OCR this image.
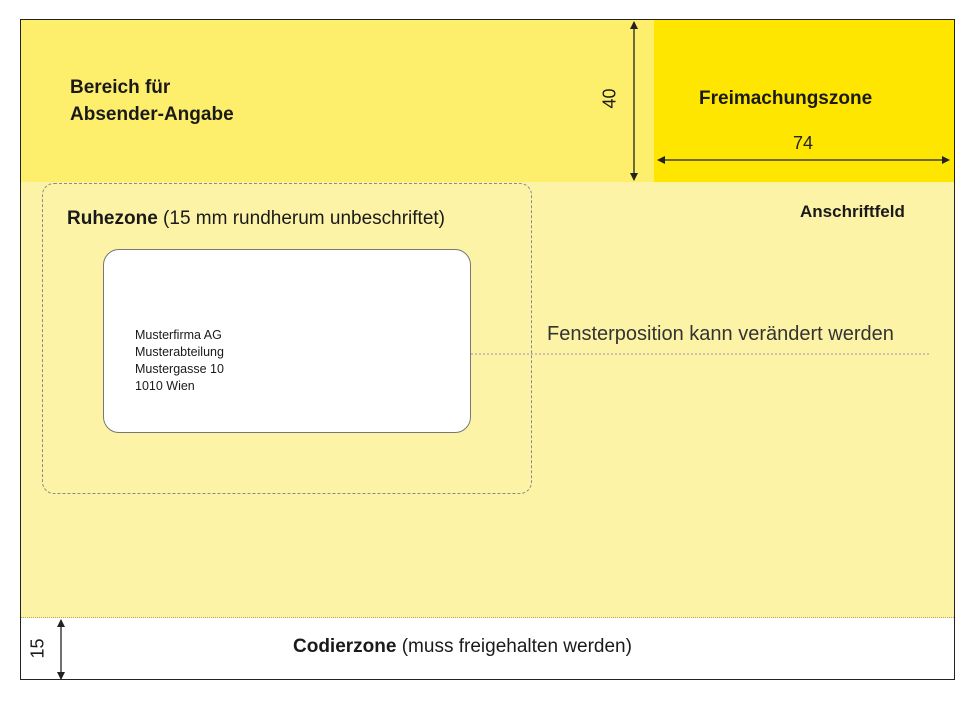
Bereich für
Absender-Angabe
Freimachungszone
74
40
Anschriftfeld
Ruhezone (15 mm rundherum unbeschriftet)
Musterfirma AG
Musterabteilung
Mustergasse 10
1010 Wien
Fensterposition kann verändert werden
Codierzone (muss freigehalten werden)
15
